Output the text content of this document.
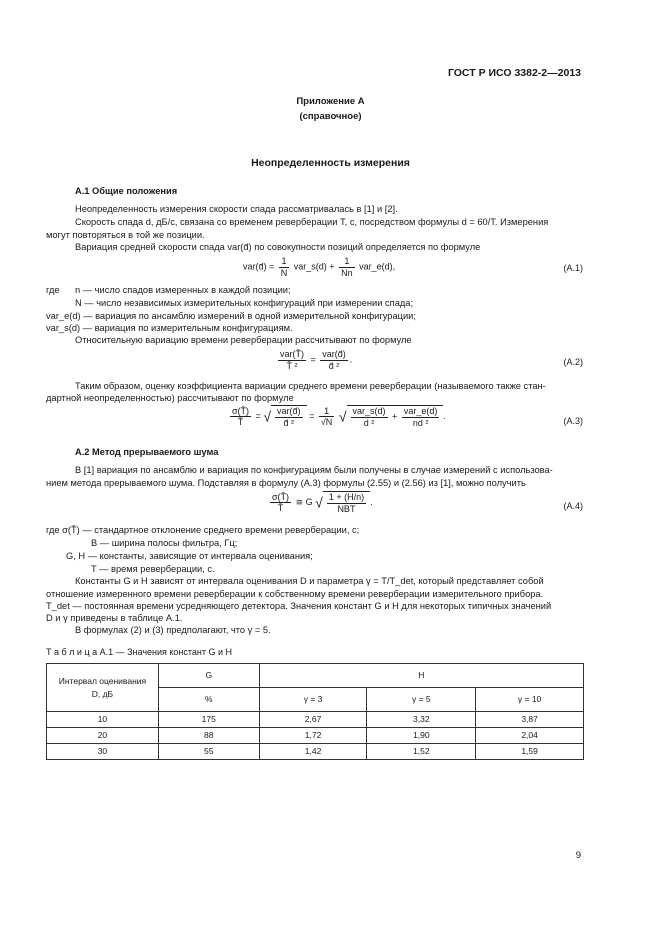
ГОСТ Р ИСО 3382-2—2013
Приложение А
(справочное)
Неопределенность измерения
А.1 Общие положения
Неопределенность измерения скорости спада рассматривалась в [1] и [2].
Скорость спада d, дБ/с, связана со временем реверберации T, с, посредством формулы d = 60/T. Измерения
могут повторяться в той же позиции.
Вариация средней скорости спада var(d̄) по совокупности позиций определяется по формуле
var(d̄) = $\frac{1}{N}$ var_s(d) + $\frac{1}{Nn}$ var_e(d),	(A.1)
где n — число спадов измеренных в каждой позиции;
N — число независимых измерительных конфигураций при измерении спада;
var_e(d) — вариация по ансамблю измерений в одной измерительной конфигурации;
var_s(d) — вариация по измерительным конфигурациям.
Относительную вариацию времени реверберации рассчитывают по формуле
$\frac{\text{var(T̄)}}{\text{T̄ ²}} = \frac{\text{var(d̄)}}{\text{d̄ ²}}$ .	(A.2)
Таким образом, оценку коэффициента вариации среднего времени реверберации (называемого также стан-
дартной неопределенностью) рассчитывают по формуле
$\frac{\sigma(T̄)}{T̄}$ = √ $\frac{\text{var(d̄)}}{\text{d̄ ²}} = \frac{1}{√N}$ √ $\frac{\text{var\_s(d)}}{\text{d ²}} + \frac{\text{var\_e(d)}}{\text{nd ²}}$ .	(A.3)
А.2 Метод прерываемого шума
В [1] вариация по ансамблю и вариация по конфигурациям были получены в случае измерений с использова-
нием метода прерываемого шума. Подставляя в формулу (А.3) формулы (2.55) и (2.56) из [1], можно получить
$\frac{\sigma(T̄)}{T̄}$ ≅ G √ $\frac{1 + (H/n)}{\text{NBT}}$ .	(A.4)
где σ(T̄) — стандартное отклонение среднего времени реверберации, с;
B — ширина полосы фильтра, Гц;
G, H — константы, зависящие от интервала оценивания;
T — время реверберации, с.
Константы G и H зависят от интервала оценивания D и параметра γ = T/T_det, который представляет собой
отношение измеренного времени реверберации к собственному времени реверберации измерительного прибора.
T_det — постоянная времени усредняющего детектора. Значения констант G и H для некоторых типичных значений
D и γ приведены в таблице А.1.
В формулах (2) и (3) предполагают, что γ = 5.
Т а б л и ц а А.1 — Значения констант G и H
Интервал оценивания D, дБ	G	H		
	%	γ = 3	γ = 5	γ = 10
10	175	2,67	3,32	3,87
20	88	1,72	1,90	2,04
30	55	1,42	1,52	1,59
9
